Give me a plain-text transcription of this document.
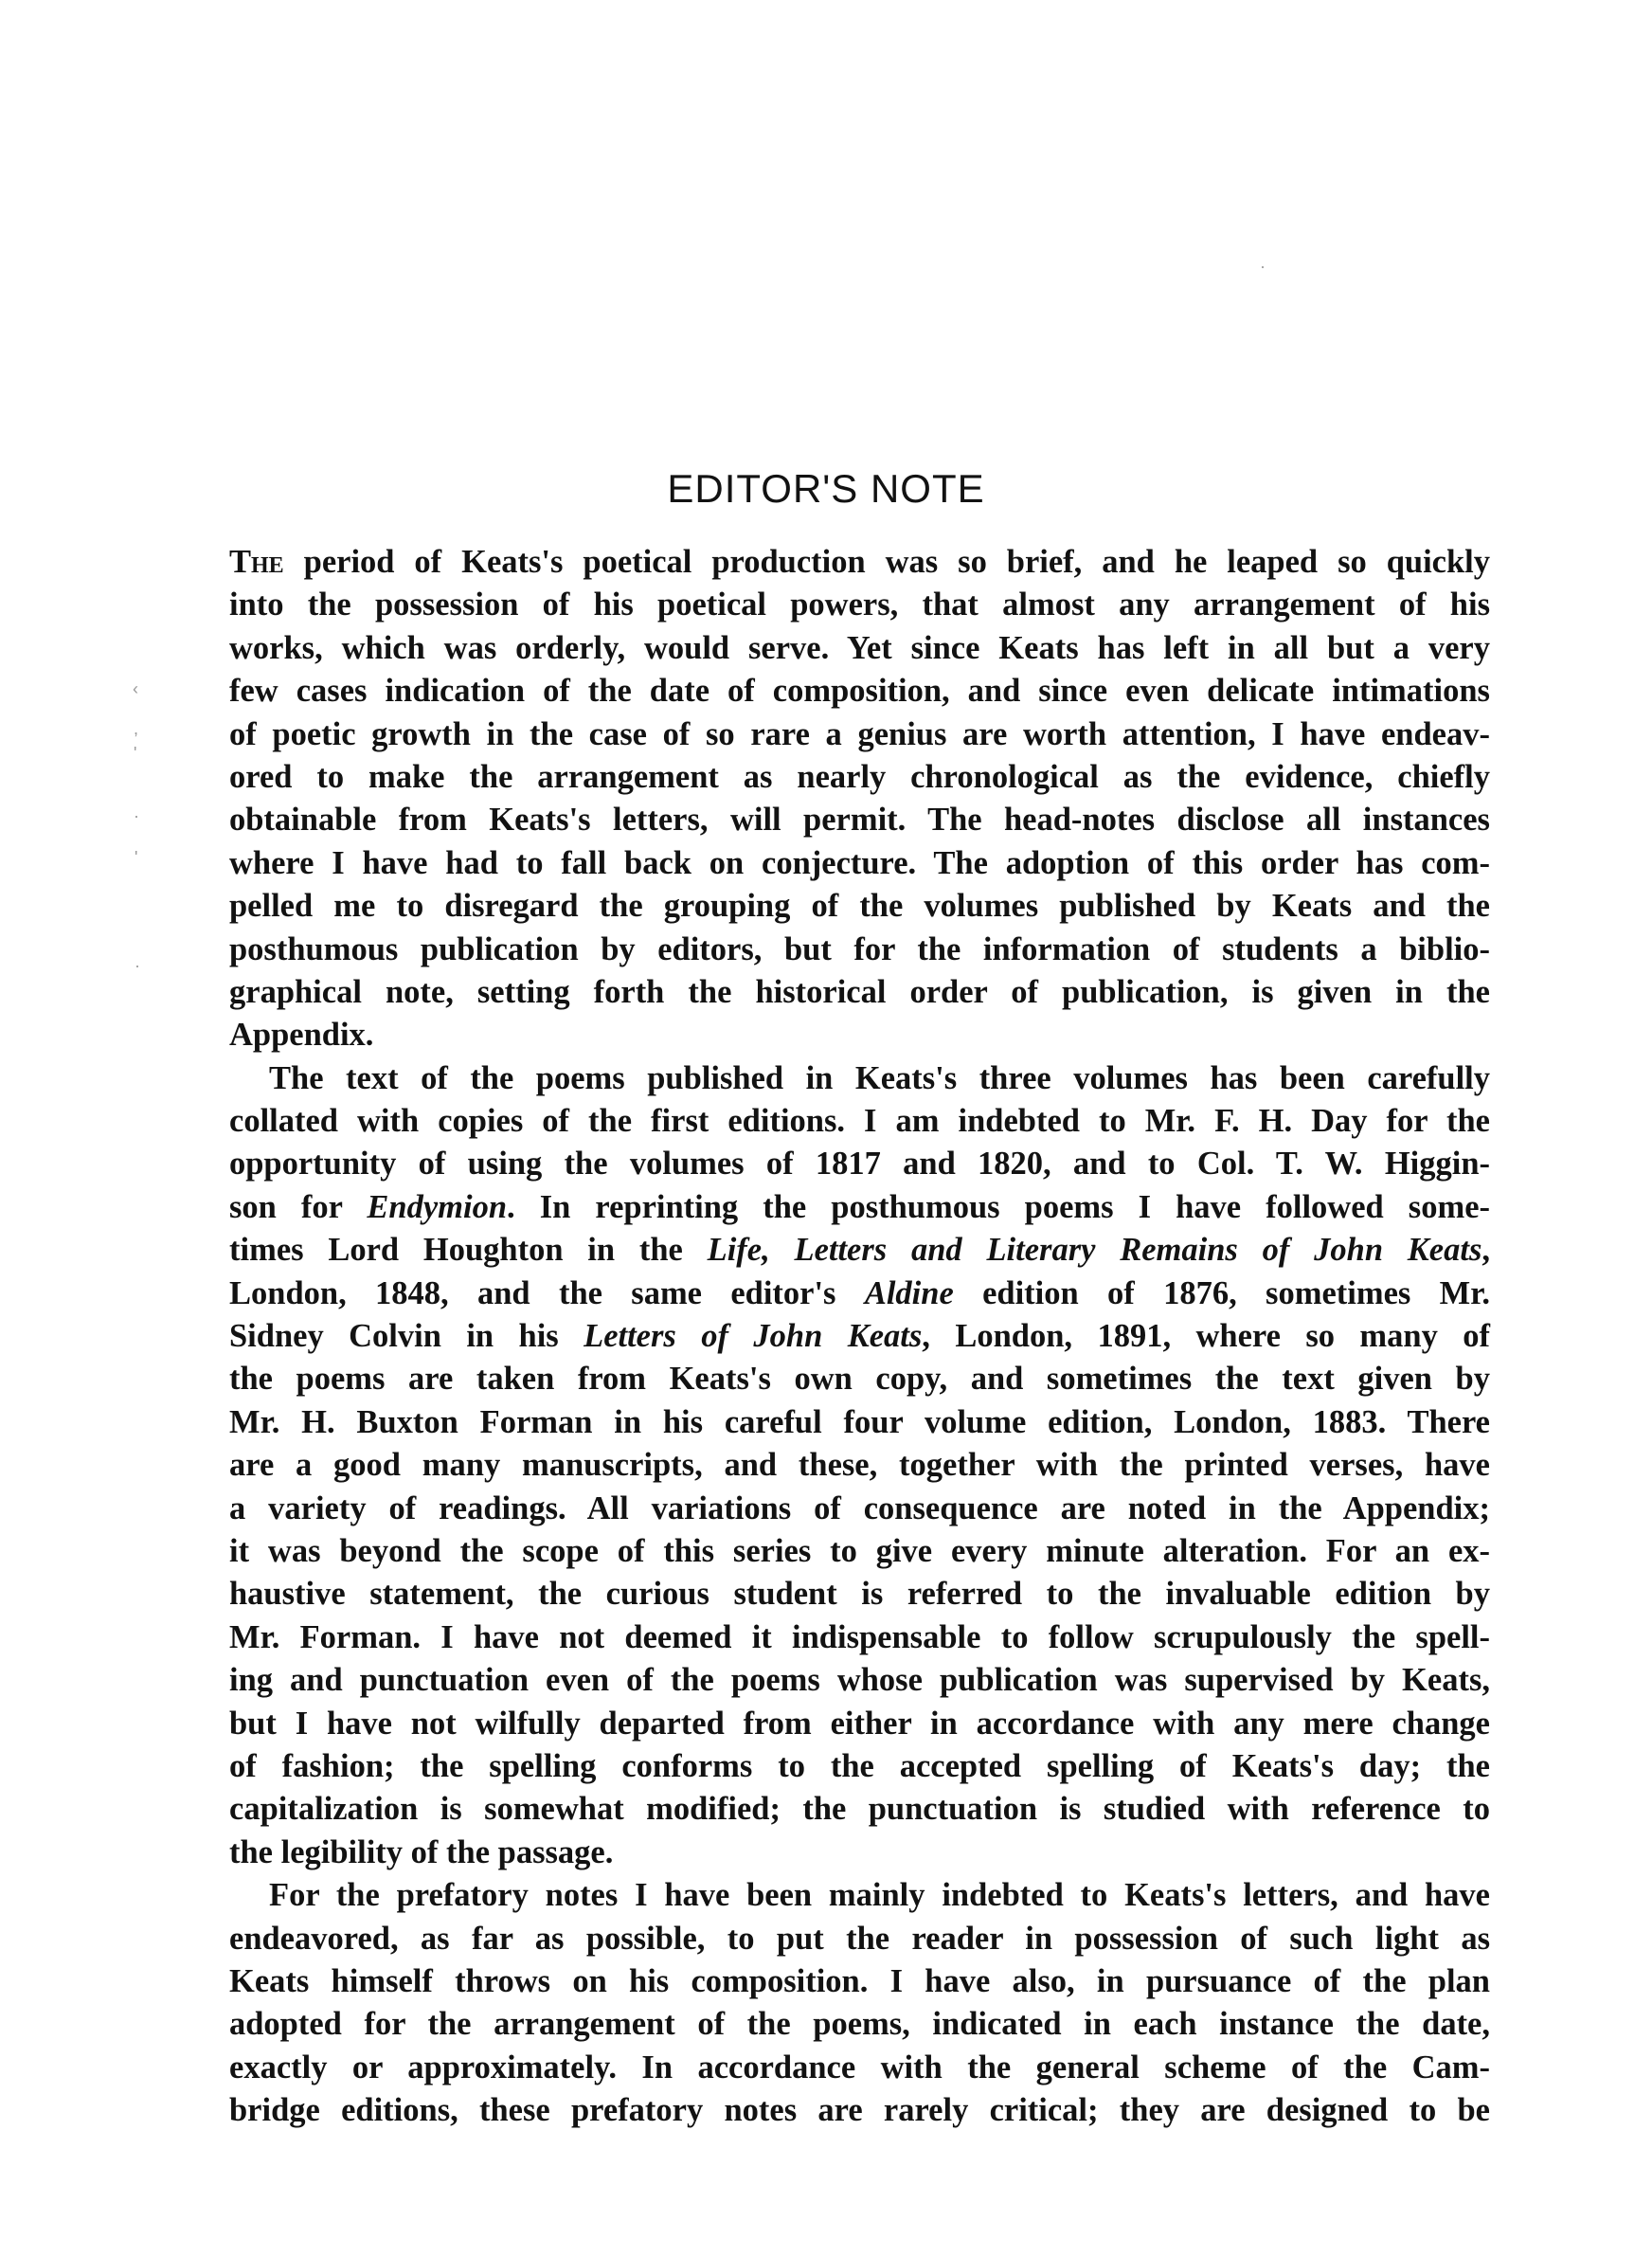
·
‹
,
'
·
'
·
EDITOR'S NOTE
The period of Keats's poetical production was so brief, and he leaped so quickly
into the possession of his poetical powers, that almost any arrangement of his
works, which was orderly, would serve. Yet since Keats has left in all but a very
few cases indication of the date of composition, and since even delicate intimations
of poetic growth in the case of so rare a genius are worth attention, I have endeav-
ored to make the arrangement as nearly chronological as the evidence, chiefly
obtainable from Keats's letters, will permit. The head-notes disclose all instances
where I have had to fall back on conjecture. The adoption of this order has com-
pelled me to disregard the grouping of the volumes published by Keats and the
posthumous publication by editors, but for the information of students a biblio-
graphical note, setting forth the historical order of publication, is given in the
Appendix.
The text of the poems published in Keats's three volumes has been carefully
collated with copies of the first editions. I am indebted to Mr. F. H. Day for the
opportunity of using the volumes of 1817 and 1820, and to Col. T. W. Higgin-
son for Endymion. In reprinting the posthumous poems I have followed some-
times Lord Houghton in the Life, Letters and Literary Remains of John Keats,
London, 1848, and the same editor's Aldine edition of 1876, sometimes Mr.
Sidney Colvin in his Letters of John Keats, London, 1891, where so many of
the poems are taken from Keats's own copy, and sometimes the text given by
Mr. H. Buxton Forman in his careful four volume edition, London, 1883. There
are a good many manuscripts, and these, together with the printed verses, have
a variety of readings. All variations of consequence are noted in the Appendix;
it was beyond the scope of this series to give every minute alteration. For an ex-
haustive statement, the curious student is referred to the invaluable edition by
Mr. Forman. I have not deemed it indispensable to follow scrupulously the spell-
ing and punctuation even of the poems whose publication was supervised by Keats,
but I have not wilfully departed from either in accordance with any mere change
of fashion; the spelling conforms to the accepted spelling of Keats's day; the
capitalization is somewhat modified; the punctuation is studied with reference to
the legibility of the passage.
For the prefatory notes I have been mainly indebted to Keats's letters, and have
endeavored, as far as possible, to put the reader in possession of such light as
Keats himself throws on his composition. I have also, in pursuance of the plan
adopted for the arrangement of the poems, indicated in each instance the date,
exactly or approximately. In accordance with the general scheme of the Cam-
bridge editions, these prefatory notes are rarely critical; they are designed to be
